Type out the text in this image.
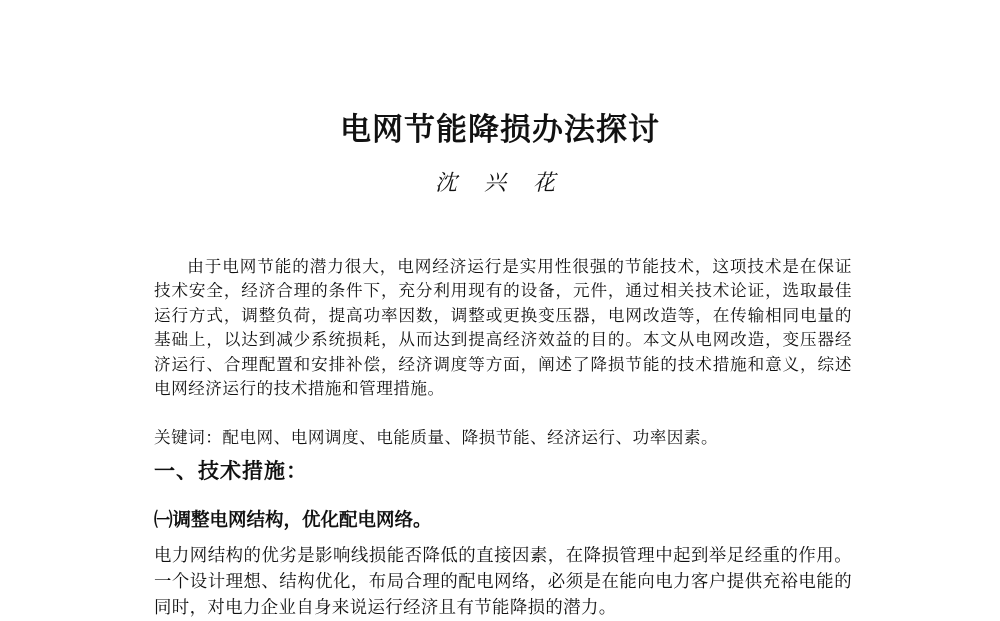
电网节能降损办法探讨
沈 兴 花

由于电网节能的潜力很大，电网经济运行是实用性很强的节能技术，这项技术是在保证技术安全，经济合理的条件下，充分利用现有的设备，元件，通过相关技术论证，选取最佳运行方式，调整负荷，提高功率因数，调整或更换变压器，电网改造等，在传输相同电量的基础上，以达到减少系统损耗，从而达到提高经济效益的目的。本文从电网改造，变压器经济运行、合理配置和安排补偿，经济调度等方面，阐述了降损节能的技术措施和意义，综述电网经济运行的技术措施和管理措施。

关键词：配电网、电网调度、电能质量、降损节能、经济运行、功率因素。

一、技术措施：
㈠调整电网结构，优化配电网络。

电力网结构的优劣是影响线损能否降低的直接因素，在降损管理中起到举足经重的作用。一个设计理想、结构优化，布局合理的配电网络，必须是在能向电力客户提供充裕电能的同时，对电力企业自身来说运行经济且有节能降损的潜力。
